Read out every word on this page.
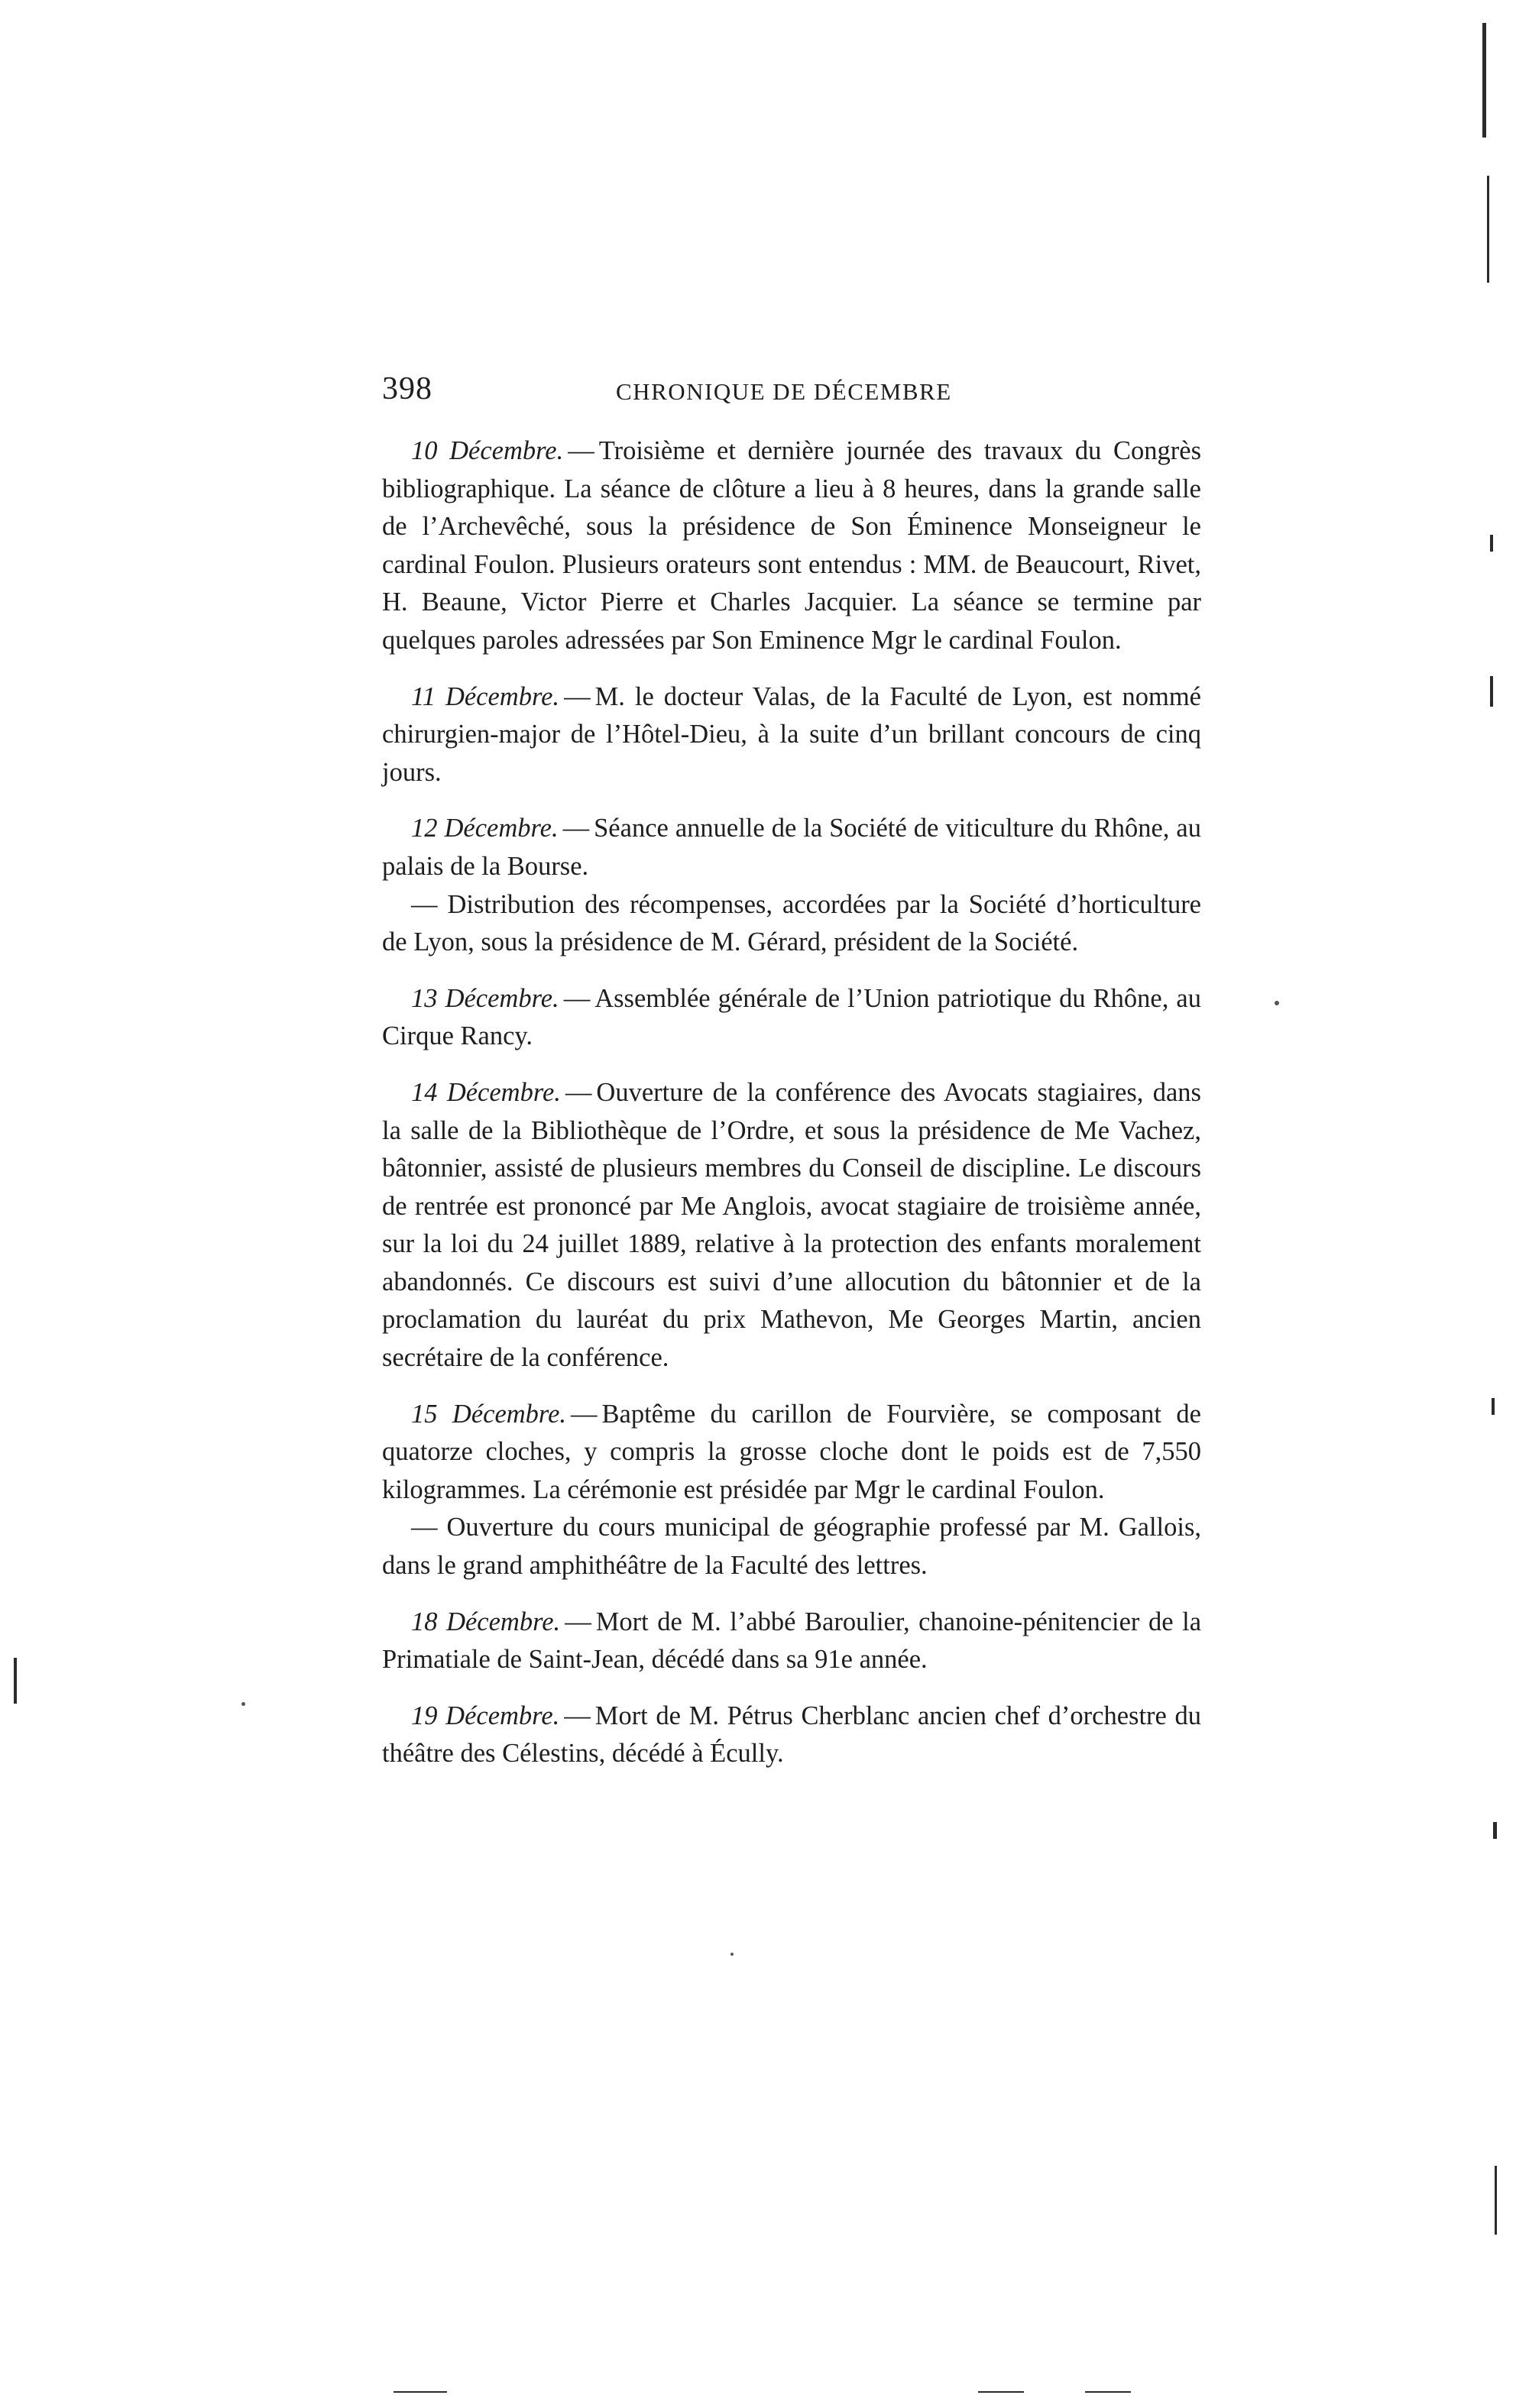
398	CHRONIQUE DE DÉCEMBRE

10 Décembre. — Troisième et dernière journée des travaux du Congrès bibliographique. La séance de clôture a lieu à 8 heures, dans la grande salle de l’Archevêché, sous la présidence de Son Éminence Monseigneur le cardinal Foulon. Plusieurs orateurs sont entendus : MM. de Beaucourt, Rivet, H. Beaune, Victor Pierre et Charles Jacquier. La séance se termine par quelques paroles adressées par Son Eminence Mgr le cardinal Foulon.

11 Décembre. — M. le docteur Valas, de la Faculté de Lyon, est nommé chirurgien-major de l’Hôtel-Dieu, à la suite d’un brillant concours de cinq jours.

12 Décembre. — Séance annuelle de la Société de viticulture du Rhône, au palais de la Bourse.

— Distribution des récompenses, accordées par la Société d’horticulture de Lyon, sous la présidence de M. Gérard, président de la Société.

13 Décembre. — Assemblée générale de l’Union patriotique du Rhône, au Cirque Rancy.

14 Décembre. — Ouverture de la conférence des Avocats stagiaires, dans la salle de la Bibliothèque de l’Ordre, et sous la présidence de Me Vachez, bâtonnier, assisté de plusieurs membres du Conseil de discipline. Le discours de rentrée est prononcé par Me Anglois, avocat stagiaire de troisième année, sur la loi du 24 juillet 1889, relative à la protection des enfants moralement abandonnés. Ce discours est suivi d’une allocution du bâtonnier et de la proclamation du lauréat du prix Mathevon, Me Georges Martin, ancien secrétaire de la conférence.

15 Décembre. — Baptême du carillon de Fourvière, se composant de quatorze cloches, y compris la grosse cloche dont le poids est de 7,550 kilogrammes. La cérémonie est présidée par Mgr le cardinal Foulon.

— Ouverture du cours municipal de géographie professé par M. Gallois, dans le grand amphithéâtre de la Faculté des lettres.

18 Décembre. — Mort de M. l’abbé Baroulier, chanoine-pénitencier de la Primatiale de Saint-Jean, décédé dans sa 91e année.

19 Décembre. — Mort de M. Pétrus Cherblanc ancien chef d’orchestre du théâtre des Célestins, décédé à Écully.
